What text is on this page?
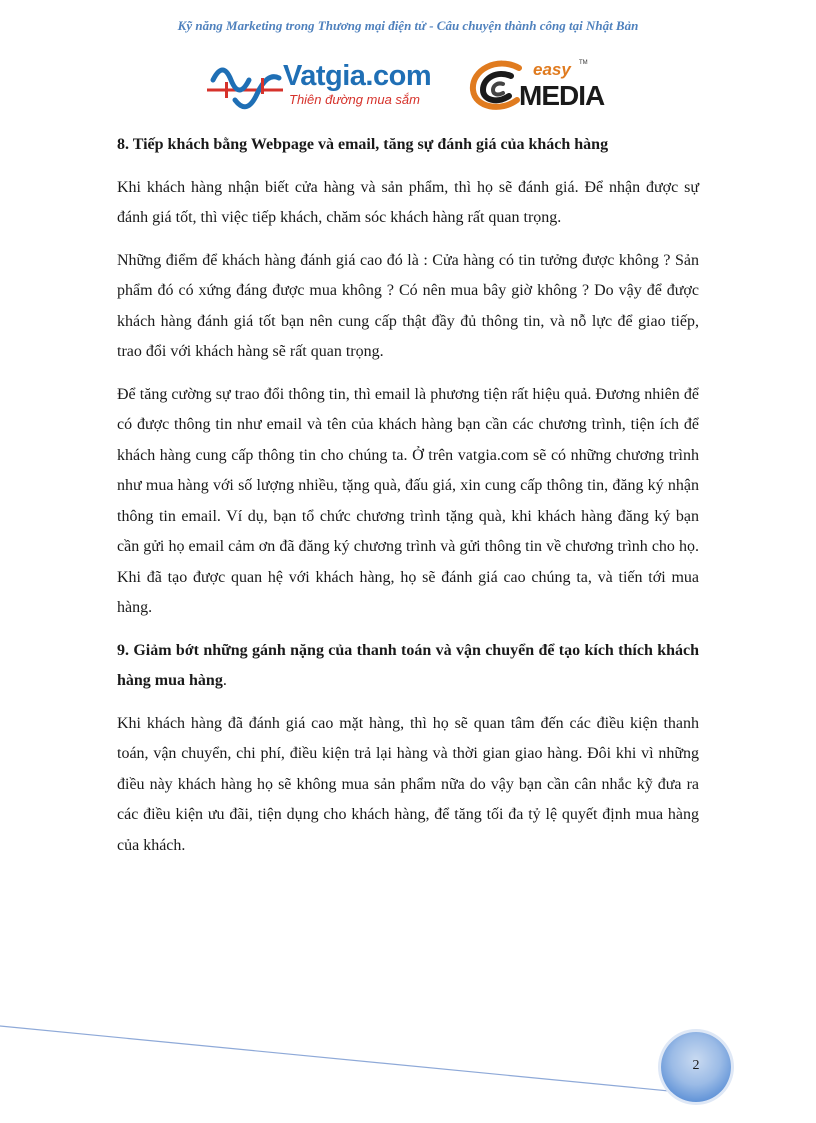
Kỹ năng Marketing trong Thương mại điện tử - Câu chuyện thành công tại Nhật Bản
Vatgia.com
Thiên đường mua sắm
easy TM
MEDIA
8. Tiếp khách bằng Webpage và email, tăng sự đánh giá của khách hàng

Khi khách hàng nhận biết cửa hàng và sản phẩm, thì họ sẽ đánh giá. Để nhận được sự đánh giá tốt, thì việc tiếp khách, chăm sóc khách hàng rất quan trọng.

Những điểm để khách hàng đánh giá cao đó là : Cửa hàng có tin tưởng được không ? Sản phẩm đó có xứng đáng được mua không ? Có nên mua bây giờ không ? Do vậy để được khách hàng đánh giá tốt bạn nên cung cấp thật đầy đủ thông tin, và nỗ lực để giao tiếp, trao đổi với khách hàng sẽ rất quan trọng.

Để tăng cường sự trao đổi thông tin, thì email là phương tiện rất hiệu quả. Đương nhiên để có được thông tin như email và tên của khách hàng bạn cần các chương trình, tiện ích để khách hàng cung cấp thông tin cho chúng ta. Ở trên vatgia.com sẽ có những chương trình như mua hàng với số lượng nhiều, tặng quà, đấu giá, xin cung cấp thông tin, đăng ký nhận thông tin email. Ví dụ, bạn tổ chức chương trình tặng quà, khi khách hàng đăng ký bạn cần gửi họ email cảm ơn đã đăng ký chương trình và gửi thông tin về chương trình cho họ. Khi đã tạo được quan hệ với khách hàng, họ sẽ đánh giá cao chúng ta, và tiến tới mua hàng.

9. Giảm bớt những gánh nặng của thanh toán và vận chuyển để tạo kích thích khách hàng mua hàng.

Khi khách hàng đã đánh giá cao mặt hàng, thì họ sẽ quan tâm đến các điều kiện thanh toán, vận chuyển, chi phí, điều kiện trả lại hàng và thời gian giao hàng. Đôi khi vì những điều này khách hàng họ sẽ không mua sản phẩm nữa do vậy bạn cần cân nhắc kỹ đưa ra các điều kiện ưu đãi, tiện dụng cho khách hàng, để tăng tối đa tỷ lệ quyết định mua hàng của khách.

2
